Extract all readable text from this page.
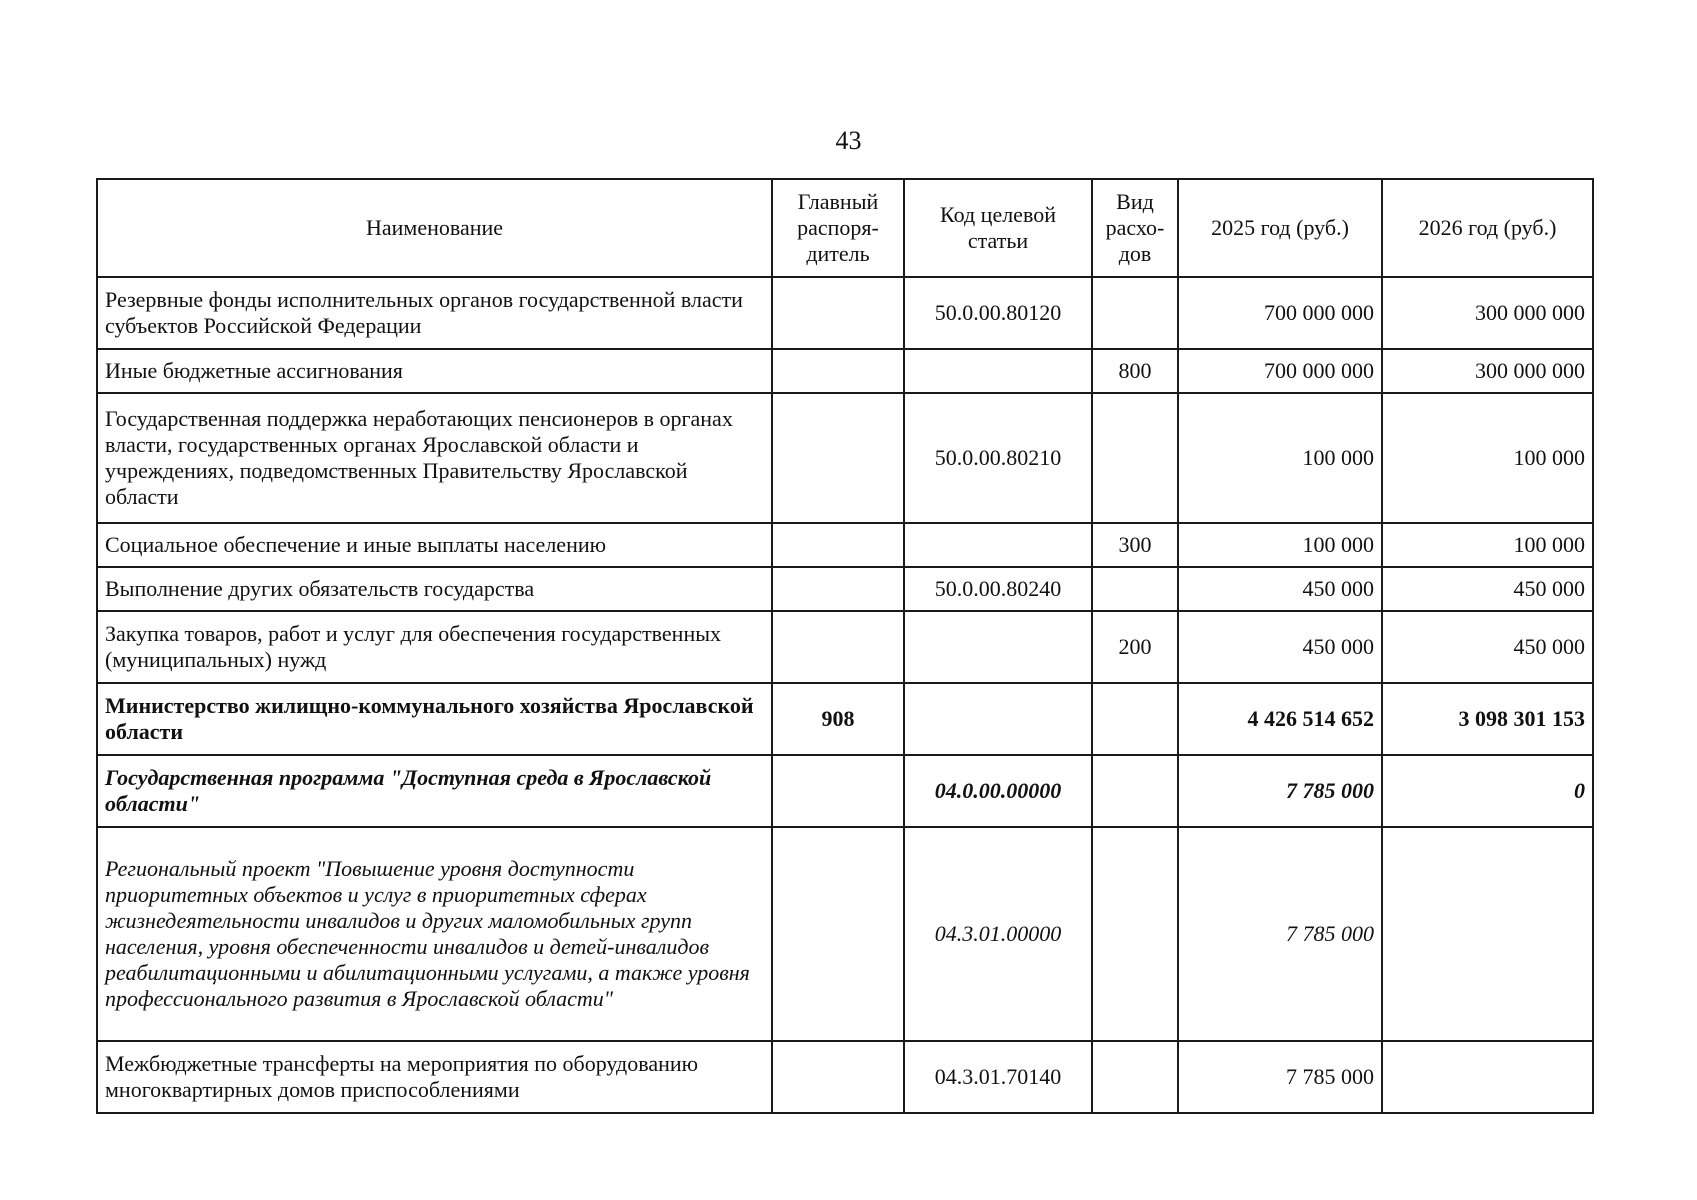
43
Наименование	Главный распоря-дитель	Код целевой статьи	Вид расхо-дов	2025 год (руб.)	2026 год (руб.)
Резервные фонды исполнительных органов государственной власти субъектов Российской Федерации		50.0.00.80120		700 000 000	300 000 000
Иные бюджетные ассигнования			800	700 000 000	300 000 000
Государственная поддержка неработающих пенсионеров в органах власти, государственных органах Ярославской области и учреждениях, подведомственных Правительству Ярославской области		50.0.00.80210		100 000	100 000
Социальное обеспечение и иные выплаты населению			300	100 000	100 000
Выполнение других обязательств государства		50.0.00.80240		450 000	450 000
Закупка товаров, работ и услуг для обеспечения государственных (муниципальных) нужд			200	450 000	450 000
Министерство жилищно-коммунального хозяйства Ярославской области	908			4 426 514 652	3 098 301 153
Государственная программа "Доступная среда в Ярославской области"		04.0.00.00000		7 785 000	0
Региональный проект "Повышение уровня доступности приоритетных объектов и услуг в приоритетных сферах жизнедеятельности инвалидов и других маломобильных групп населения, уровня обеспеченности инвалидов и детей-инвалидов реабилитационными и абилитационными услугами, а также уровня профессионального развития в Ярославской области"		04.3.01.00000		7 785 000	
Межбюджетные трансферты на мероприятия по оборудованию многоквартирных домов приспособлениями		04.3.01.70140		7 785 000	
